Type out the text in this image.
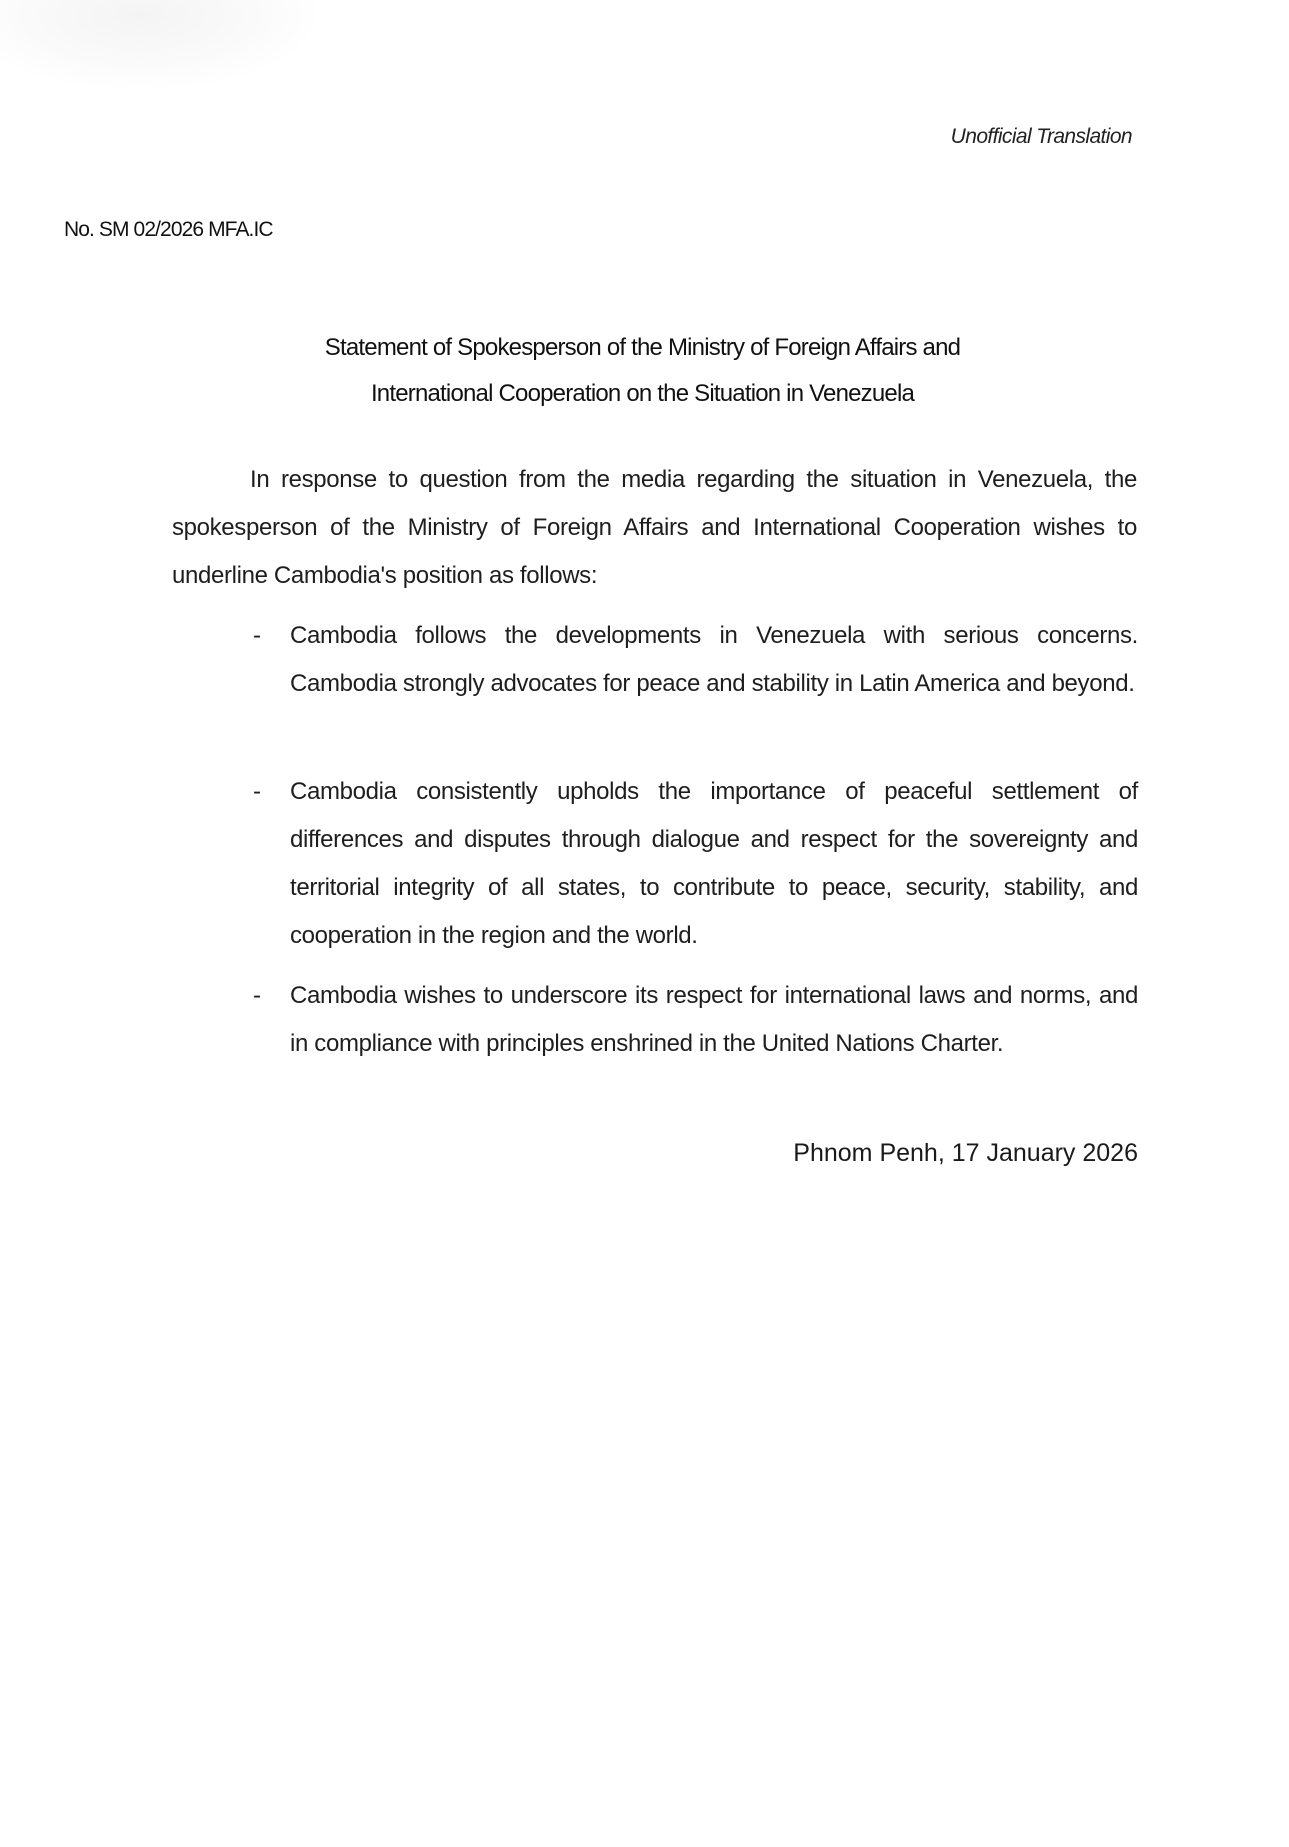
Unofficial Translation
No. SM 02/2026 MFA.IC
Statement of Spokesperson of the Ministry of Foreign Affairs and
International Cooperation on the Situation in Venezuela
In response to question from the media regarding the situation in Venezuela, the spokesperson of the Ministry of Foreign Affairs and International Cooperation wishes to underline Cambodia's position as follows:
-	Cambodia follows the developments in Venezuela with serious concerns. Cambodia strongly advocates for peace and stability in Latin America and beyond.
-	Cambodia consistently upholds the importance of peaceful settlement of differences and disputes through dialogue and respect for the sovereignty and territorial integrity of all states, to contribute to peace, security, stability, and cooperation in the region and the world.
-	Cambodia wishes to underscore its respect for international laws and norms, and in compliance with principles enshrined in the United Nations Charter.
Phnom Penh, 17 January 2026
